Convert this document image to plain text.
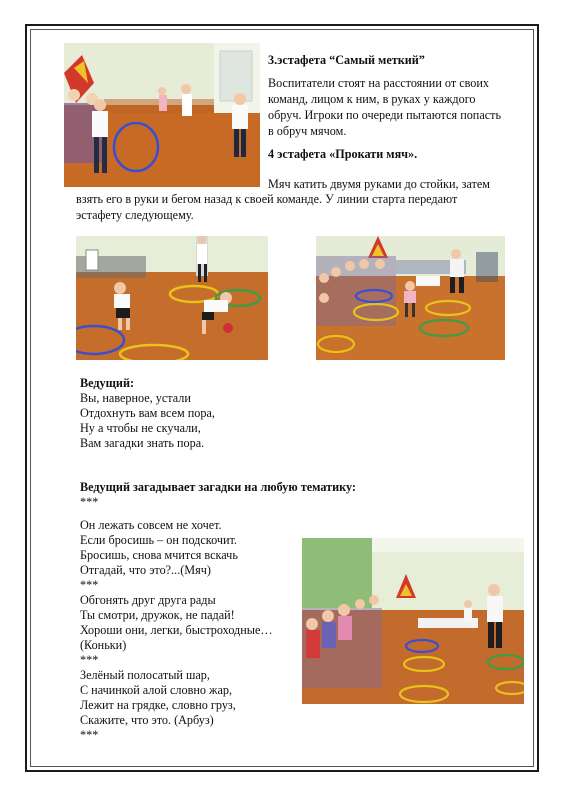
3.эстафета “Самый меткий”
Воспитатели стоят на расстоянии от своих
команд, лицом к ним, в руках у каждого
обруч. Игроки по очереди пытаются попасть
в обруч мячом.
4 эстафета «Прокати мяч».
Мяч катить двумя руками до стойки, затем
взять его в руки и бегом назад к своей команде. У линии старта передают
эстафету следующему.
Ведущий:
Вы, наверное, устали
Отдохнуть вам всем пора,
Ну а чтобы не скучали,
Вам загадки знать пора.
Ведущий загадывает загадки на любую тематику:
***
Он лежать совсем не хочет.
Если бросишь – он подскочит.
Бросишь, снова мчится вскачь
Отгадай, что это?...(Мяч)
***
Обгонять друг друга рады
Ты смотри, дружок, не падай!
Хороши они, легки, быстроходные…
(Коньки)
***
Зелёный полосатый шар,
С начинкой алой словно жар,
Лежит на грядке, словно груз,
Скажите, что это. (Арбуз)
***
